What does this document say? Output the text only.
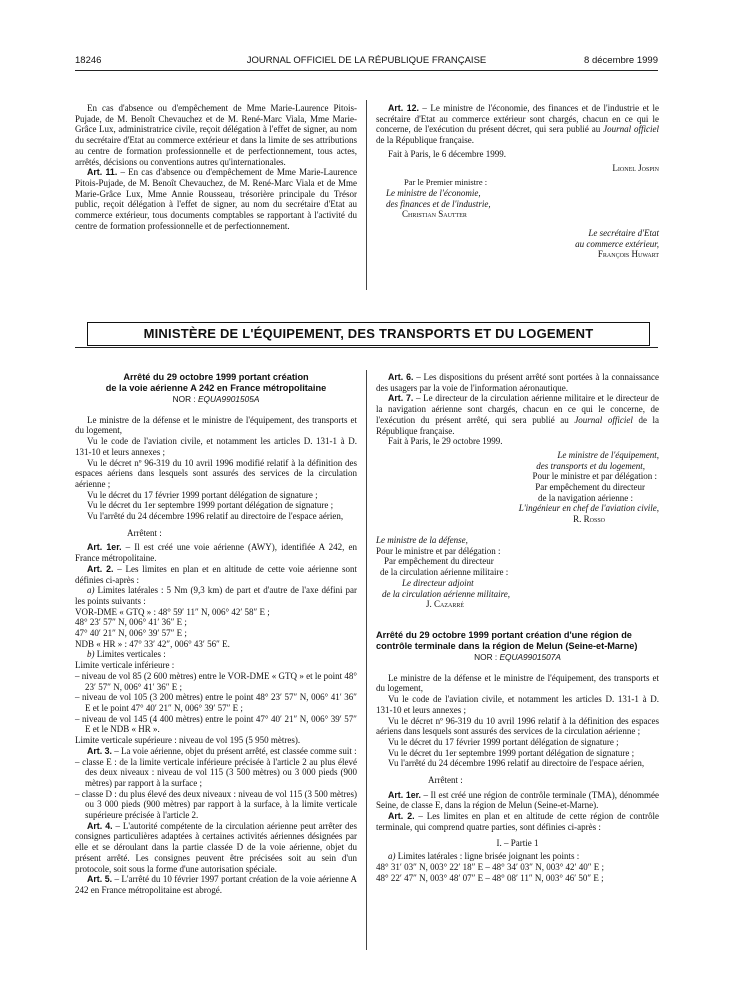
18246	JOURNAL OFFICIEL DE LA RÉPUBLIQUE FRANÇAISE	8 décembre 1999

En cas d'absence ou d'empêchement de Mme Marie-Laurence Pitois-Pujade, de M. Benoît Chevauchez et de M. René-Marc Viala, Mme Marie-Grâce Lux, administratrice civile, reçoit délégation à l'effet de signer, au nom du secrétaire d'Etat au commerce extérieur et dans la limite de ses attributions au centre de formation professionnelle et de perfectionnement, tous actes, arrêtés, décisions ou conventions autres qu'internationales.

Art. 11. – En cas d'absence ou d'empêchement de Mme Marie-Laurence Pitois-Pujade, de M. Benoît Chevauchez, de M. René-Marc Viala et de Mme Marie-Grâce Lux, Mme Annie Rousseau, trésorière principale du Trésor public, reçoit délégation à l'effet de signer, au nom du secrétaire d'Etat au commerce extérieur, tous documents comptables se rapportant à l'activité du centre de formation professionnelle et de perfectionnement.

Art. 12. – Le ministre de l'économie, des finances et de l'industrie et le secrétaire d'Etat au commerce extérieur sont chargés, chacun en ce qui le concerne, de l'exécution du présent décret, qui sera publié au Journal officiel de la République française.

Fait à Paris, le 6 décembre 1999.

Lionel Jospin

Par le Premier ministre :

Le ministre de l'économie,

des finances et de l'industrie,

Christian Sautter

Le secrétaire d'Etat

au commerce extérieur,

François Huwart

MINISTÈRE DE L'ÉQUIPEMENT, DES TRANSPORTS ET DU LOGEMENT
Arrêté du 29 octobre 1999 portant création
de la voie aérienne A 242 en France métropolitaine
NOR : EQUA9901505A

Le ministre de la défense et le ministre de l'équipement, des transports et du logement,

Vu le code de l'aviation civile, et notamment les articles D. 131-1 à D. 131-10 et leurs annexes ;

Vu le décret nº 96-319 du 10 avril 1996 modifié relatif à la définition des espaces aériens dans lesquels sont assurés des services de la circulation aérienne ;

Vu le décret du 17 février 1999 portant délégation de signature ;

Vu le décret du 1er septembre 1999 portant délégation de signature ;

Vu l'arrêté du 24 décembre 1996 relatif au directoire de l'espace aérien,

Arrêtent :

Art. 1er. – Il est créé une voie aérienne (AWY), identifiée A 242, en France métropolitaine.

Art. 2. – Les limites en plan et en altitude de cette voie aérienne sont définies ci-après :

a) Limites latérales : 5 Nm (9,3 km) de part et d'autre de l'axe défini par les points suivants :

VOR-DME « GTQ » : 48° 59′ 11″ N, 006° 42′ 58″ E ;

48° 23′ 57″ N, 006° 41′ 36″ E ;

47° 40′ 21″ N, 006° 39′ 57″ E ;

NDB « HR » : 47° 33′ 42″, 006° 43′ 56″ E.

b) Limites verticales :

Limite verticale inférieure :

– niveau de vol 85 (2 600 mètres) entre le VOR-DME « GTQ » et le point 48° 23′ 57″ N, 006° 41′ 36″ E ;

– niveau de vol 105 (3 200 mètres) entre le point 48° 23′ 57″ N, 006° 41′ 36″ E et le point 47° 40′ 21″ N, 006° 39′ 57″ E ;

– niveau de vol 145 (4 400 mètres) entre le point 47° 40′ 21″ N, 006° 39′ 57″ E et le NDB « HR ».

Limite verticale supérieure : niveau de vol 195 (5 950 mètres).

Art. 3. – La voie aérienne, objet du présent arrêté, est classée comme suit :

– classe E : de la limite verticale inférieure précisée à l'article 2 au plus élevé des deux niveaux : niveau de vol 115 (3 500 mètres) ou 3 000 pieds (900 mètres) par rapport à la surface ;

– classe D : du plus élevé des deux niveaux : niveau de vol 115 (3 500 mètres) ou 3 000 pieds (900 mètres) par rapport à la surface, à la limite verticale supérieure précisée à l'article 2.

Art. 4. – L'autorité compétente de la circulation aérienne peut arrêter des consignes particulières adaptées à certaines activités aériennes désignées par elle et se déroulant dans la partie classée D de la voie aérienne, objet du présent arrêté. Les consignes peuvent être précisées soit au sein d'un protocole, soit sous la forme d'une autorisation spéciale.

Art. 5. – L'arrêté du 10 février 1997 portant création de la voie aérienne A 242 en France métropolitaine est abrogé.

Art. 6. – Les dispositions du présent arrêté sont portées à la connaissance des usagers par la voie de l'information aéronautique.

Art. 7. – Le directeur de la circulation aérienne militaire et le directeur de la navigation aérienne sont chargés, chacun en ce qui le concerne, de l'exécution du présent arrêté, qui sera publié au Journal officiel de la République française.

Fait à Paris, le 29 octobre 1999.

Le ministre de l'équipement,

des transports et du logement,

Pour le ministre et par délégation :

Par empêchement du directeur

de la navigation aérienne :

L'ingénieur en chef de l'aviation civile,

R. Rosso

Le ministre de la défense,

Pour le ministre et par délégation :

Par empêchement du directeur

de la circulation aérienne militaire :

Le directeur adjoint

de la circulation aérienne militaire,

J. Cazarré

Arrêté du 29 octobre 1999 portant création d'une région de contrôle terminale dans la région de Melun (Seine-et-Marne)
NOR : EQUA9901507A

Le ministre de la défense et le ministre de l'équipement, des transports et du logement,

Vu le code de l'aviation civile, et notamment les articles D. 131-1 à D. 131-10 et leurs annexes ;

Vu le décret nº 96-319 du 10 avril 1996 relatif à la définition des espaces aériens dans lesquels sont assurés des services de la circulation aérienne ;

Vu le décret du 17 février 1999 portant délégation de signature ;

Vu le décret du 1er septembre 1999 portant délégation de signature ;

Vu l'arrêté du 24 décembre 1996 relatif au directoire de l'espace aérien,

Arrêtent :

Art. 1er. – Il est créé une région de contrôle terminale (TMA), dénommée Seine, de classe E, dans la région de Melun (Seine-et-Marne).

Art. 2. – Les limites en plan et en altitude de cette région de contrôle terminale, qui comprend quatre parties, sont définies ci-après :

I. – Partie 1

a) Limites latérales : ligne brisée joignant les points :

48° 31′ 03″ N, 003° 22′ 18″ E – 48° 34′ 03″ N, 003° 42′ 40″ E ;

48° 22′ 47″ N, 003° 48′ 07″ E – 48° 08′ 11″ N, 003° 46′ 50″ E ;
